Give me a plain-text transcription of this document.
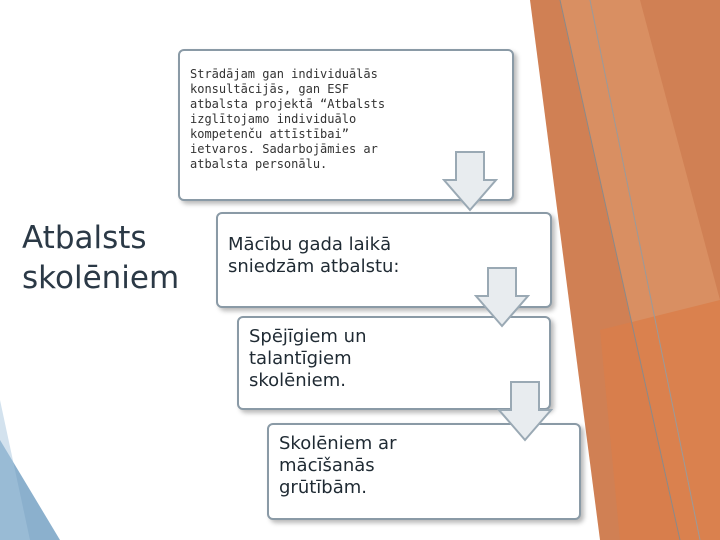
Atbalsts
skolēniem
Strādājam gan individuālās
konsultācijās, gan ESF
atbalsta projektā “Atbalsts
izglītojamo individuālo
kompetenču attīstībai”
ietvaros. Sadarbojāmies ar
atbalsta personālu.
Mācību gada laikā
sniedzām atbalstu:
Spējīgiem un
talantīgiem
skolēniem.
Skolēniem ar
mācīšanās
grūtībām.
